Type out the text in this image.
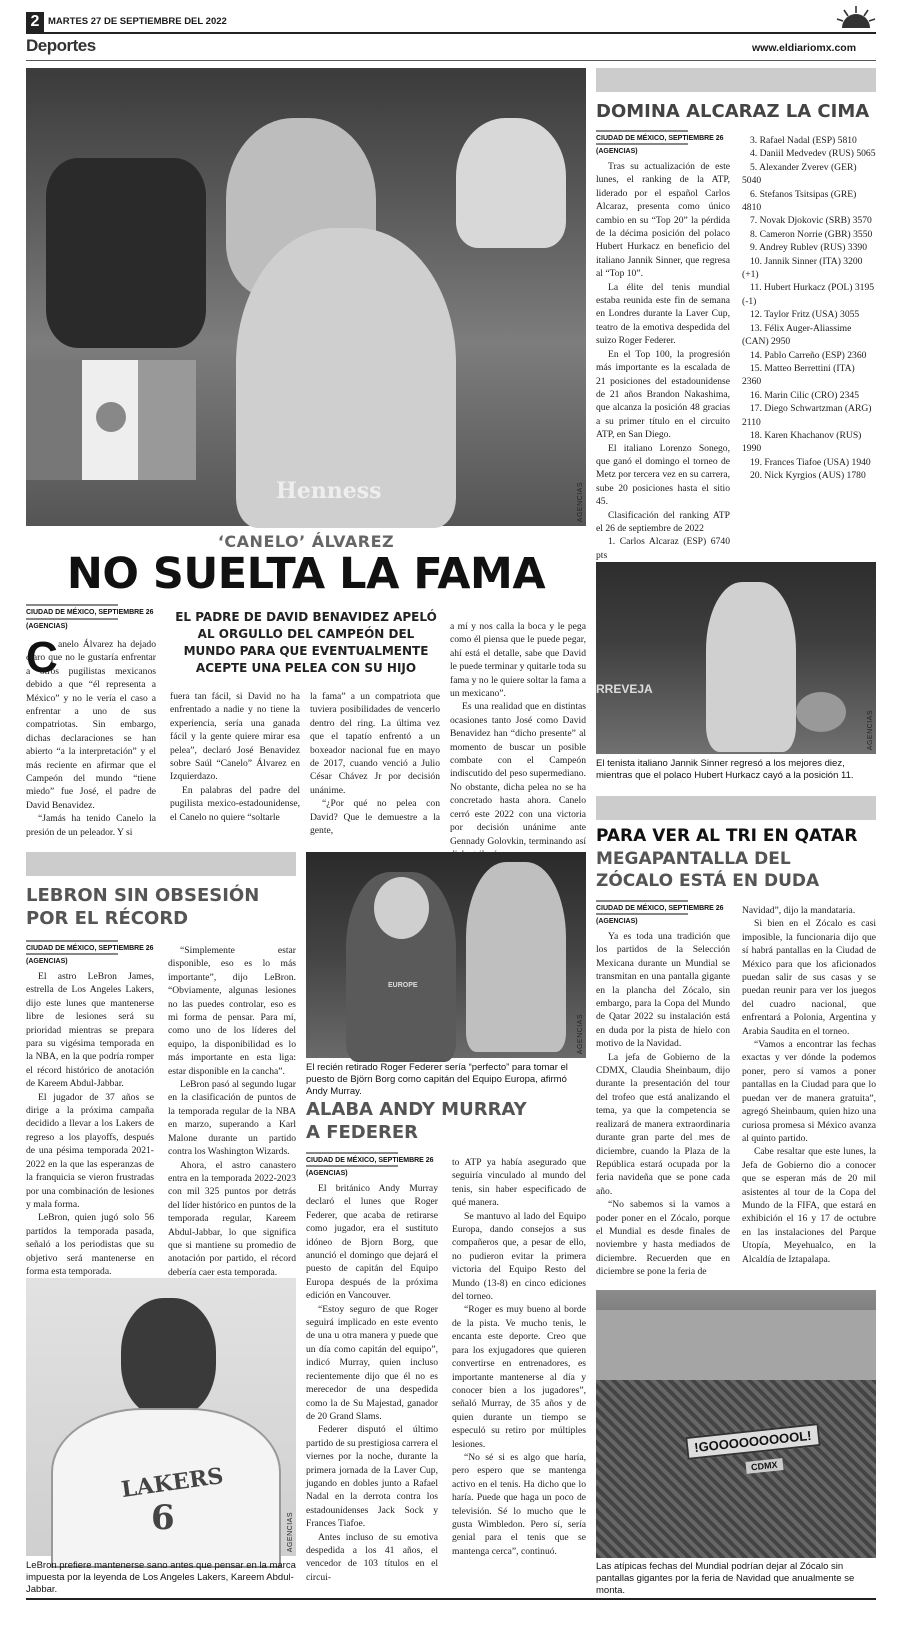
2 MARTES 27 DE SEPTIEMBRE DEL 2022
Deportes	www.eldiariomx.com
Henness	AGENCIAS
‘CANELO’ ÁLVAREZ
NO SUELTA LA FAMA
CIUDAD DE MÉXICO, SEPTIEMBRE 26
(AGENCIAS)
EL PADRE DE DAVID BENAVIDEZ APELÓ AL ORGULLO DEL CAMPEÓN DEL MUNDO PARA QUE EVENTUALMENTE ACEPTE UNA PELEA CON SU HIJO
C anelo Álvarez ha dejado claro que no le gustaría enfrentar a otros pugilistas mexicanos debido a que “él representa a México” y no le vería el caso a enfrentar a uno de sus compatriotas. Sin embargo, dichas declaraciones se han abierto “a la interpretación” y el más reciente en afirmar que el Campeón del mundo “tiene miedo” fue José, el padre de David Benavidez.

“Jamás ha tenido Canelo la presión de un peleador. Y si

fuera tan fácil, si David no ha enfrentado a nadie y no tiene la experiencia, sería una ganada fácil y la gente quiere mirar esa pelea”, declaró José Benavidez sobre Saúl “Canelo” Álvarez en Izquierdazo.

En palabras del padre del pugilista mexico-estadounidense, el Canelo no quiere “soltarle

la fama” a un compatriota que tuviera posibilidades de vencerlo dentro del ring. La última vez que el tapatío enfrentó a un boxeador nacional fue en mayo de 2017, cuando venció a Julio César Chávez Jr por decisión unánime.

“¿Por qué no pelea con David? Que le demuestre a la gente,

a mí y nos calla la boca y le pega como él piensa que le puede pegar, ahí está el detalle, sabe que David le puede terminar y quitarle toda su fama y no le quiere soltar la fama a un mexicano”.

Es una realidad que en distintas ocasiones tanto José como David Benavidez han “dicho presente” al momento de buscar un posible combate con el Campeón indiscutido del peso supermediano. No obstante, dicha pelea no se ha concretado hasta ahora. Canelo cerró este 2022 con una victoria por decisión unánime ante Gennady Golovkin, terminando así

DOMINA ALCARAZ LA CIMA
CIUDAD DE MÉXICO, SEPTIEMBRE 26
(AGENCIAS)

Tras su actualización de este lunes, el ranking de la ATP, liderado por el español Carlos Alcaraz, presenta como único cambio en su “Top 20” la pérdida de la décima posición del polaco Hubert Hurkacz en beneficio del italiano Jannik Sinner, que regresa al “Top 10”.

La élite del tenis mundial estaba reunida este fin de semana en Londres durante la Laver Cup, teatro de la emotiva despedida del suizo Roger Federer.

En el Top 100, la progresión más importante es la escalada de 21 posiciones del estadounidense de 21 años Brandon Nakashima, que alcanza la posición 48 gracias a su primer título en el circuito ATP, en San Diego.

El italiano Lorenzo Sonego, que ganó el domingo el torneo de Metz por tercera vez en su carrera, sube 20 posiciones hasta el sitio 45.

Clasificación del ranking ATP el 26 de septiembre de 2022

1. Carlos Alcaraz (ESP) 6740 pts
3. Rafael Nadal (ESP) 5810
4. Daniil Medvedev (RUS) 5065
5. Alexander Zverev (GER) 5040
6. Stefanos Tsitsipas (GRE) 4810
7. Novak Djokovic (SRB) 3570
8. Cameron Norrie (GBR) 3550
9. Andrey Rublev (RUS) 3390
10. Jannik Sinner (ITA) 3200 (+1)
11. Hubert Hurkacz (POL) 3195 (-1)
12. Taylor Fritz (USA) 3055
13. Félix Auger-Aliassime (CAN) 2950
14. Pablo Carreño (ESP) 2360
15. Matteo Berrettini (ITA) 2360
16. Marin Cilic (CRO) 2345
17. Diego Schwartzman (ARG) 2110
18. Karen Khachanov (RUS) 1990
19. Frances Tiafoe (USA) 1940
20. Nick Kyrgios (AUS) 1780
RREVEJA
AGENCIAS
El tenista italiano Jannik Sinner regresó a los mejores diez, mientras que el polaco Hubert Hurkacz cayó a la posición 11.
PARA VER AL TRI EN QATAR
MEGAPANTALLA DEL ZÓCALO ESTÁ EN DUDA
CIUDAD DE MÉXICO, SEPTIEMBRE 26
(AGENCIAS)

Ya es toda una tradición que los partidos de la Selección Mexicana durante un Mundial se transmitan en una pantalla gigante en la plancha del Zócalo, sin embargo, para la Copa del Mundo de Qatar 2022 su instalación está en duda por la pista de hielo con motivo de la Navidad.

La jefa de Gobierno de la CDMX, Claudia Sheinbaum, dijo durante la presentación del tour del trofeo que está analizando el tema, ya que la competencia se realizará de manera extraordinaria durante gran parte del mes de diciembre, cuando la Plaza de la República estará ocupada por la feria navideña que se pone cada año.

“No sabemos si la vamos a poder poner en el Zócalo, porque el Mundial es desde finales de noviembre y hasta mediados de diciembre. Recuerden que en diciembre se pone la feria de

Navidad”, dijo la mandataria.

Si bien en el Zócalo es casi imposible, la funcionaria dijo que sí habrá pantallas en la Ciudad de México para que los aficionados puedan salir de sus casas y se puedan reunir para ver los juegos del cuadro nacional, que enfrentará a Polonia, Argentina y Arabia Saudita en el torneo.

“Vamos a encontrar las fechas exactas y ver dónde la podemos poner, pero sí vamos a poner pantallas en la Ciudad para que lo puedan ver de manera gratuita”, agregó Sheinbaum, quien hizo una curiosa promesa si México avanza al quinto partido.

Cabe resaltar que este lunes, la Jefa de Gobierno dio a conocer que se esperan más de 20 mil asistentes al tour de la Copa del Mundo de la FIFA, que estará en exhibición el 16 y 17 de octubre en las instalaciones del Parque Utopía, Meyehualco, en la Alcaldía de Iztapalapa.

!GOOOOOOOOOL!
CDMX
Las atípicas fechas del Mundial podrían dejar al Zócalo sin pantallas gigantes por la feria de Navidad que anualmente se monta.
LEBRON SIN OBSESIÓN POR EL RÉCORD
CIUDAD DE MÉXICO, SEPTIEMBRE 26
(AGENCIAS)

El astro LeBron James, estrella de Los Angeles Lakers, dijo este lunes que mantenerse libre de lesiones será su prioridad mientras se prepara para su vigésima temporada en la NBA, en la que podría romper el récord histórico de anotación de Kareem Abdul-Jabbar.

El jugador de 37 años se dirige a la próxima campaña decidido a llevar a los Lakers de regreso a los playoffs, después de una pésima temporada 2021-2022 en la que las esperanzas de la franquicia se vieron frustradas por una combinación de lesiones y mala forma.

LeBron, quien jugó solo 56 partidos la temporada pasada, señaló a los periodistas que su objetivo será mantenerse en forma esta temporada.

“Simplemente estar disponible, eso es lo más importante”, dijo LeBron. “Obviamente, algunas lesiones no las puedes controlar, eso es mi forma de pensar. Para mí, como uno de los líderes del equipo, la disponibilidad es lo más importante en esta liga: estar disponible en la cancha”.

LeBron pasó al segundo lugar en la clasificación de puntos de la temporada regular de la NBA en marzo, superando a Karl Malone durante un partido contra los Washington Wizards.

Ahora, el astro canastero entra en la temporada 2022-2023 con mil 325 puntos por detrás del líder histórico en puntos de la temporada regular, Kareem Abdul-Jabbar, lo que significa que si mantiene su promedio de anotación por partido, el récord debería caer esta temporada.

LAKERS
6	AGENCIAS
LeBron prefiere mantenerse sano antes que pensar en la marca impuesta por la leyenda de Los Angeles Lakers, Kareem Abdul-Jabbar.
EUROPE
AGENCIAS
El recién retirado Roger Federer sería “perfecto” para tomar el puesto de Björn Borg como capitán del Equipo Europa, afirmó Andy Murray.
ALABA ANDY MURRAY A FEDERER
CIUDAD DE MÉXICO, SEPTIEMBRE 26
(AGENCIAS)

El británico Andy Murray declaró el lunes que Roger Federer, que acaba de retirarse como jugador, era el sustituto idóneo de Bjorn Borg, que anunció el domingo que dejará el puesto de capitán del Equipo Europa después de la próxima edición en Vancouver.

“Estoy seguro de que Roger seguirá implicado en este evento de una u otra manera y puede que un día como capitán del equipo”, indicó Murray, quien incluso recientemente dijo que él no es merecedor de una despedida como la de Su Majestad, ganador de 20 Grand Slams.

Federer disputó el último partido de su prestigiosa carrera el viernes por la noche, durante la primera jornada de la Laver Cup, jugando en dobles junto a Rafael Nadal en la derrota contra los estadounidenses Jack Sock y Frances Tiafoe.

Antes incluso de su emotiva despedida a los 41 años, el vencedor de 103 títulos en el circui-

to ATP ya había asegurado que seguiría vinculado al mundo del tenis, sin haber especificado de qué manera.

Se mantuvo al lado del Equipo Europa, dando consejos a sus compañeros que, a pesar de ello, no pudieron evitar la primera victoria del Equipo Resto del Mundo (13-8) en cinco ediciones del torneo.

“Roger es muy bueno al borde de la pista. Ve mucho tenis, le encanta este deporte. Creo que para los exjugadores que quieren convertirse en entrenadores, es importante mantenerse al día y conocer bien a los jugadores”, señaló Murray, de 35 años y de quien durante un tiempo se especuló su retiro por múltiples lesiones.

“No sé si es algo que haría, pero espero que se mantenga activo en el tenis. Ha dicho que lo haría. Puede que haga un poco de televisión. Sé lo mucho que le gusta Wimbledon. Pero sí, sería genial para el tenis que se mantenga cerca”, continuó.
